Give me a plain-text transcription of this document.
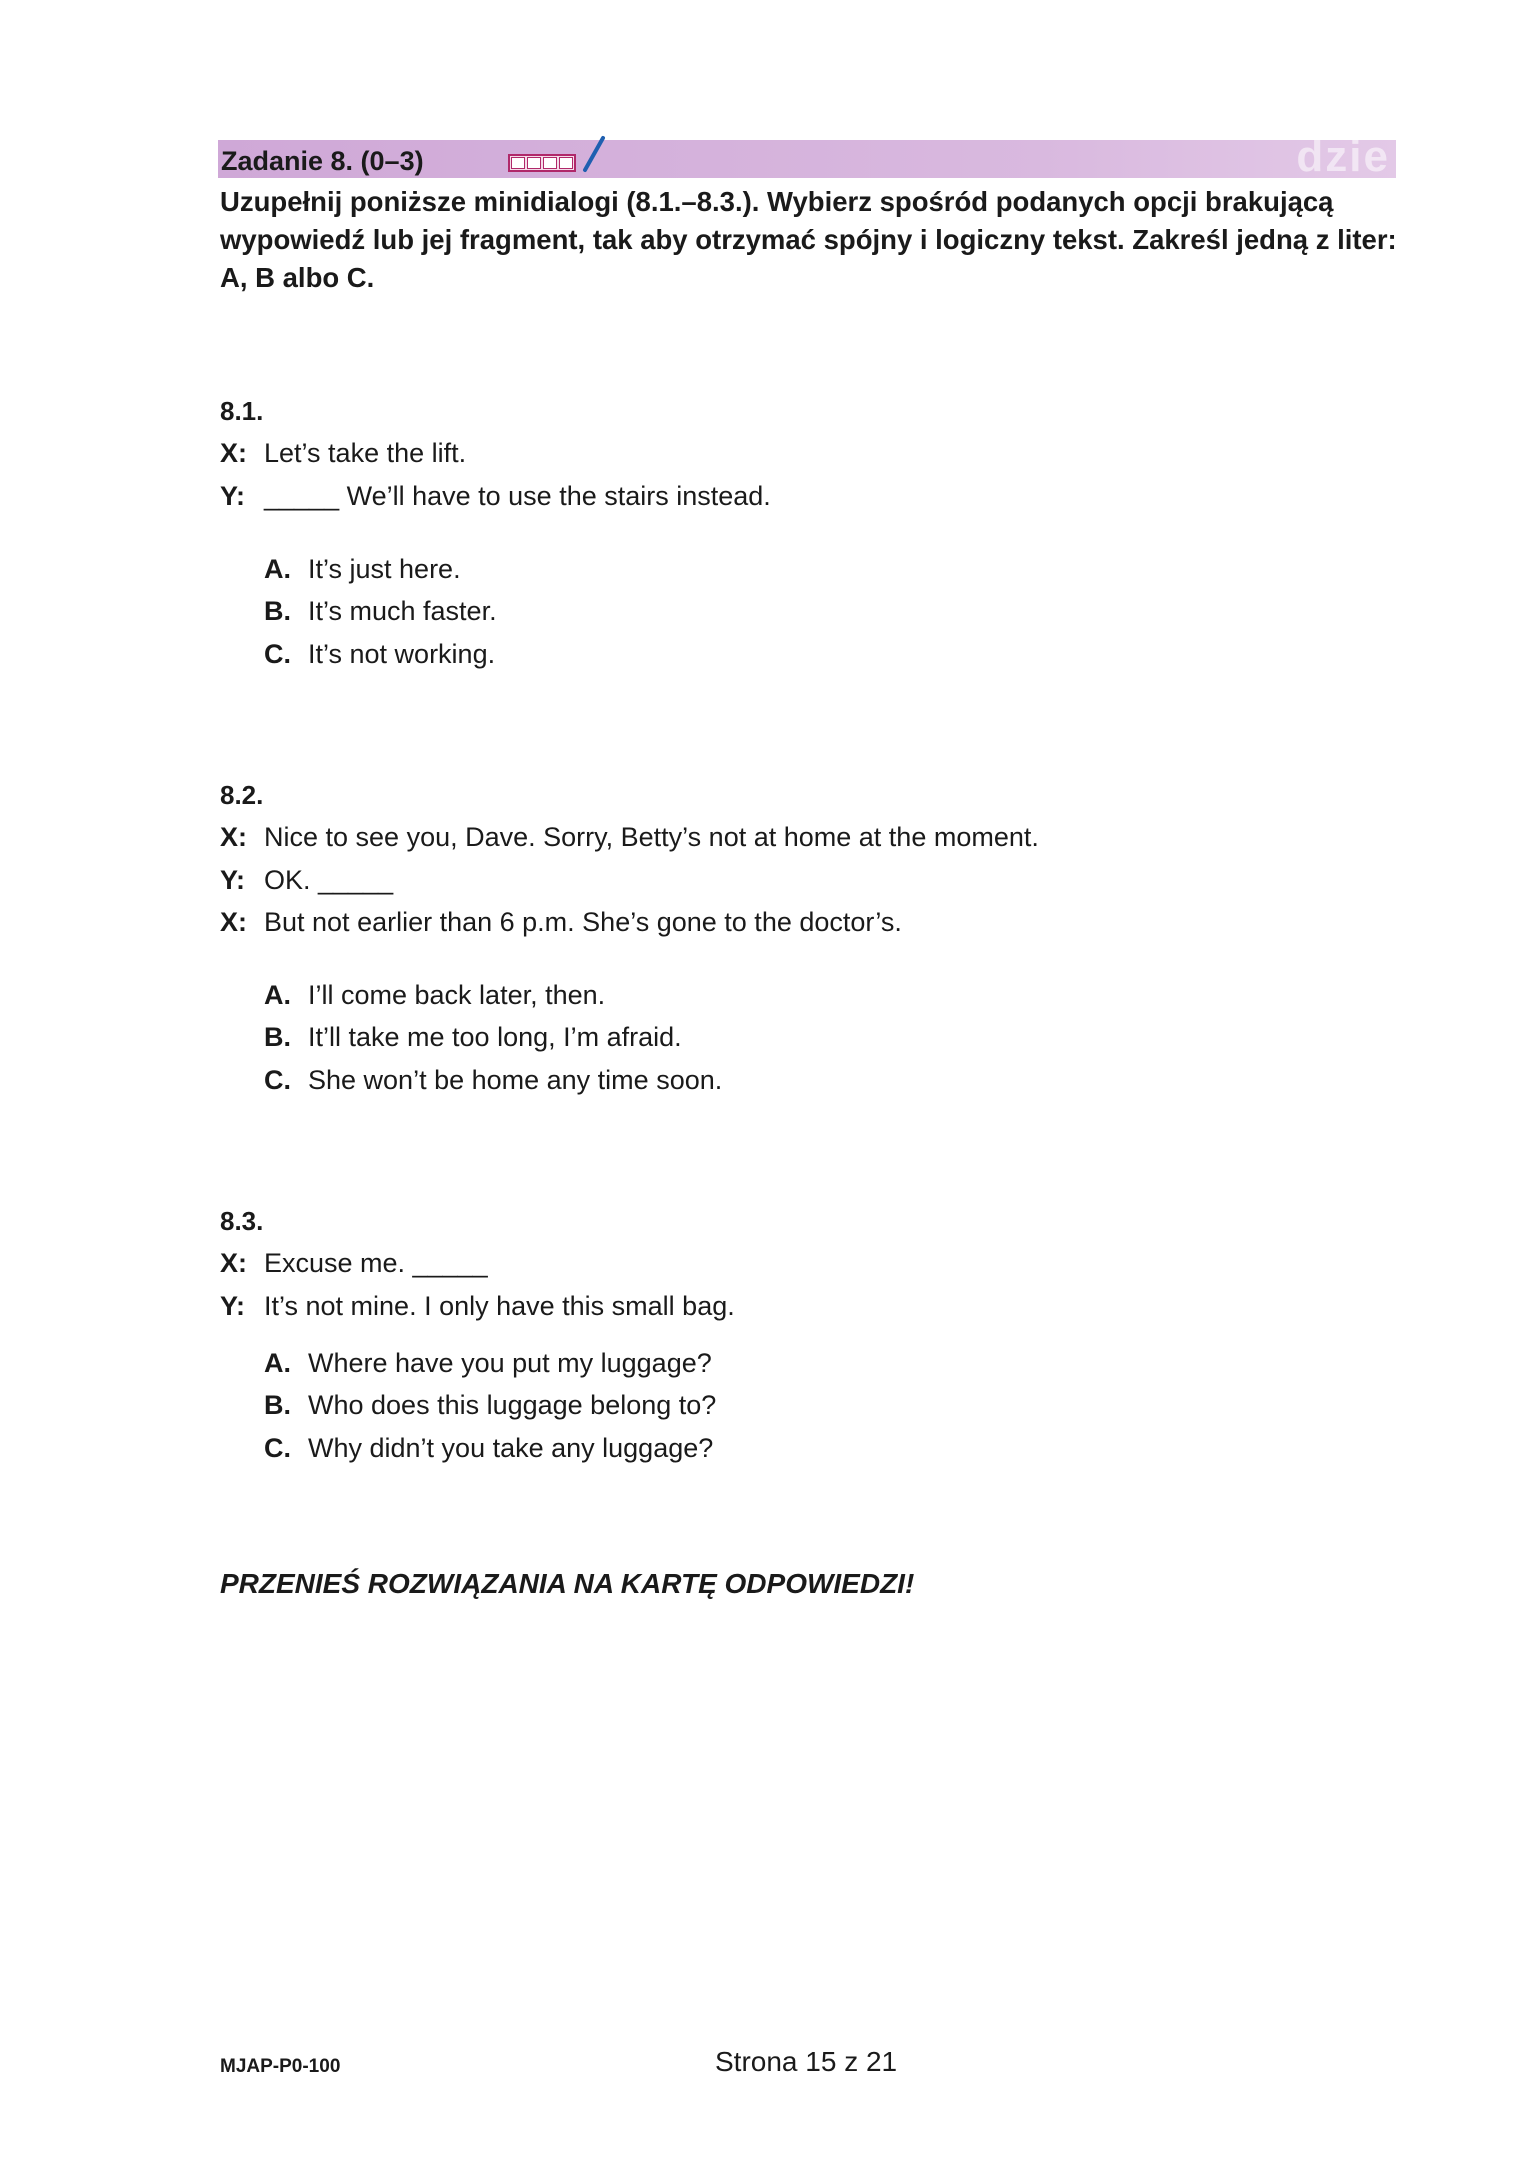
Zadanie 8. (0–3)	dzie

Uzupełnij poniższe minidialogi (8.1.–8.3.). Wybierz spośród podanych opcji brakującą wypowiedź lub jej fragment, tak aby otrzymać spójny i logiczny tekst. Zakreśl jedną z liter: A, B albo C.

8.1.
X: Let’s take the lift.
Y: _____ We’ll have to use the stairs instead.
A. It’s just here.
B. It’s much faster.
C. It’s not working.
8.2.
X: Nice to see you, Dave. Sorry, Betty’s not at home at the moment.
Y: OK. _____
X: But not earlier than 6 p.m. She’s gone to the doctor’s.
A. I’ll come back later, then.
B. It’ll take me too long, I’m afraid.
C. She won’t be home any time soon.
8.3.
X: Excuse me. _____
Y: It’s not mine. I only have this small bag.
A. Where have you put my luggage?
B. Who does this luggage belong to?
C. Why didn’t you take any luggage?
PRZENIEŚ ROZWIĄZANIA NA KARTĘ ODPOWIEDZI!
MJAP-P0-100	Strona 15 z 21
